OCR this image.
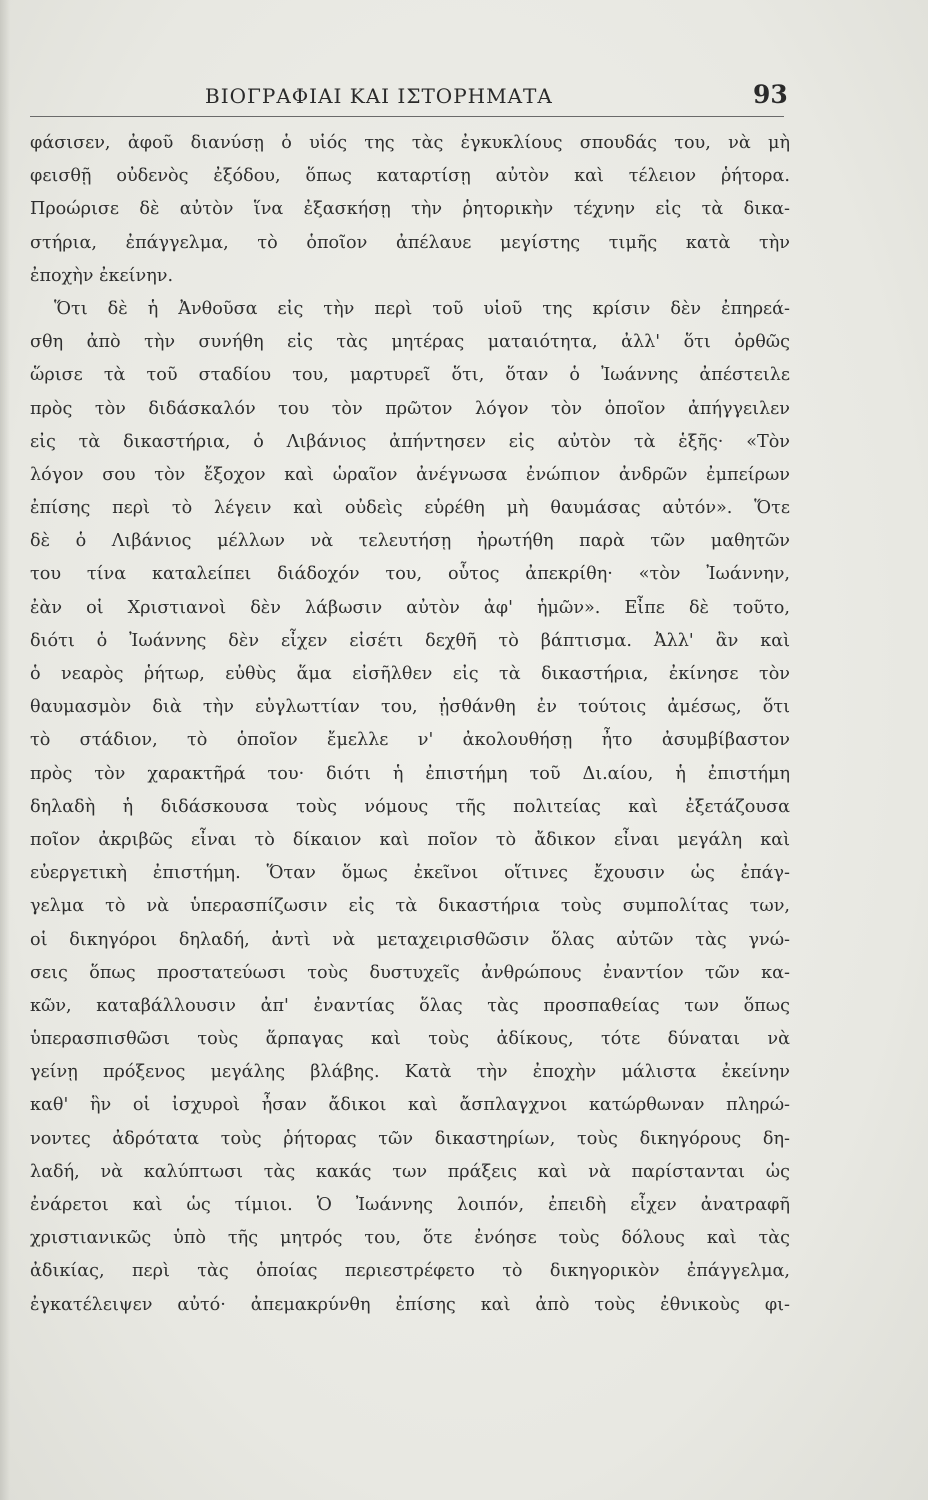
ΒΙΟΓΡΑΦΙΑΙ ΚΑΙ ΙΣΤΟΡΗΜΑΤΑ	93
φάσισεν, ἀφοῦ διανύσῃ ὁ υἱός της τὰς ἐγκυκλίους σπουδάς του, νὰ μὴ
φεισθῇ οὐδενὸς ἐξόδου, ὅπως καταρτίσῃ αὐτὸν καὶ τέλειον ῥήτορα.
Προώρισε δὲ αὐτὸν ἵνα ἐξασκήσῃ τὴν ῥητορικὴν τέχνην εἰς τὰ δικα-
στήρια, ἐπάγγελμα, τὸ ὁποῖον ἀπέλαυε μεγίστης τιμῆς κατὰ τὴν
ἐποχὴν ἐκείνην.
Ὅτι δὲ ἡ Ἀνθοῦσα εἰς τὴν περὶ τοῦ υἱοῦ της κρίσιν δὲν ἐπηρεά-
σθη ἀπὸ τὴν συνήθη εἰς τὰς μητέρας ματαιότητα, ἀλλ' ὅτι ὀρθῶς
ὥρισε τὰ τοῦ σταδίου του, μαρτυρεῖ ὅτι, ὅταν ὁ Ἰωάννης ἀπέστειλε
πρὸς τὸν διδάσκαλόν του τὸν πρῶτον λόγον τὸν ὁποῖον ἀπήγγειλεν
εἰς τὰ δικαστήρια, ὁ Λιβάνιος ἀπήντησεν εἰς αὐτὸν τὰ ἑξῆς· «Τὸν
λόγον σου τὸν ἔξοχον καὶ ὡραῖον ἀνέγνωσα ἐνώπιον ἀνδρῶν ἐμπείρων
ἐπίσης περὶ τὸ λέγειν καὶ οὐδεὶς εὑρέθη μὴ θαυμάσας αὐτόν». Ὅτε
δὲ ὁ Λιβάνιος μέλλων νὰ τελευτήσῃ ἠρωτήθη παρὰ τῶν μαθητῶν
του τίνα καταλείπει διάδοχόν του, οὗτος ἀπεκρίθη· «τὸν Ἰωάννην,
ἐὰν οἱ Χριστιανοὶ δὲν λάβωσιν αὐτὸν ἀφ' ἡμῶν». Εἶπε δὲ τοῦτο,
διότι ὁ Ἰωάννης δὲν εἶχεν εἰσέτι δεχθῆ τὸ βάπτισμα. Ἀλλ' ἂν καὶ
ὁ νεαρὸς ῥήτωρ, εὐθὺς ἅμα εἰσῆλθεν εἰς τὰ δικαστήρια, ἐκίνησε τὸν
θαυμασμὸν διὰ τὴν εὐγλωττίαν του, ᾐσθάνθη ἐν τούτοις ἀμέσως, ὅτι
τὸ στάδιον, τὸ ὁποῖον ἔμελλε ν' ἀκολουθήσῃ ἦτο ἀσυμβίβαστον
πρὸς τὸν χαρακτῆρά του· διότι ἡ ἐπιστήμη τοῦ Δι.αίου, ἡ ἐπιστήμη
δηλαδὴ ἡ διδάσκουσα τοὺς νόμους τῆς πολιτείας καὶ ἐξετάζουσα
ποῖον ἀκριβῶς εἶναι τὸ δίκαιον καὶ ποῖον τὸ ἄδικον εἶναι μεγάλη καὶ
εὐεργετικὴ ἐπιστήμη. Ὅταν ὅμως ἐκεῖνοι οἵτινες ἔχουσιν ὡς ἐπάγ-
γελμα τὸ νὰ ὑπερασπίζωσιν εἰς τὰ δικαστήρια τοὺς συμπολίτας των,
οἱ δικηγόροι δηλαδή, ἀντὶ νὰ μεταχειρισθῶσιν ὅλας αὐτῶν τὰς γνώ-
σεις ὅπως προστατεύωσι τοὺς δυστυχεῖς ἀνθρώπους ἐναντίον τῶν κα-
κῶν, καταβάλλουσιν ἀπ' ἐναντίας ὅλας τὰς προσπαθείας των ὅπως
ὑπερασπισθῶσι τοὺς ἅρπαγας καὶ τοὺς ἀδίκους, τότε δύναται νὰ
γείνῃ πρόξενος μεγάλης βλάβης. Κατὰ τὴν ἐποχὴν μάλιστα ἐκείνην
καθ' ἣν οἱ ἰσχυροὶ ἦσαν ἄδικοι καὶ ἄσπλαγχνοι κατώρθωναν πληρώ-
νοντες ἀδρότατα τοὺς ῥήτορας τῶν δικαστηρίων, τοὺς δικηγόρους δη-
λαδή, νὰ καλύπτωσι τὰς κακάς των πράξεις καὶ νὰ παρίστανται ὡς
ἐνάρετοι καὶ ὡς τίμιοι. Ὁ Ἰωάννης λοιπόν, ἐπειδὴ εἶχεν ἀνατραφῆ
χριστιανικῶς ὑπὸ τῆς μητρός του, ὅτε ἐνόησε τοὺς δόλους καὶ τὰς
ἀδικίας, περὶ τὰς ὁποίας περιεστρέφετο τὸ δικηγορικὸν ἐπάγγελμα,
ἐγκατέλειψεν αὐτό· ἀπεμακρύνθη ἐπίσης καὶ ἀπὸ τοὺς ἐθνικοὺς φι-
